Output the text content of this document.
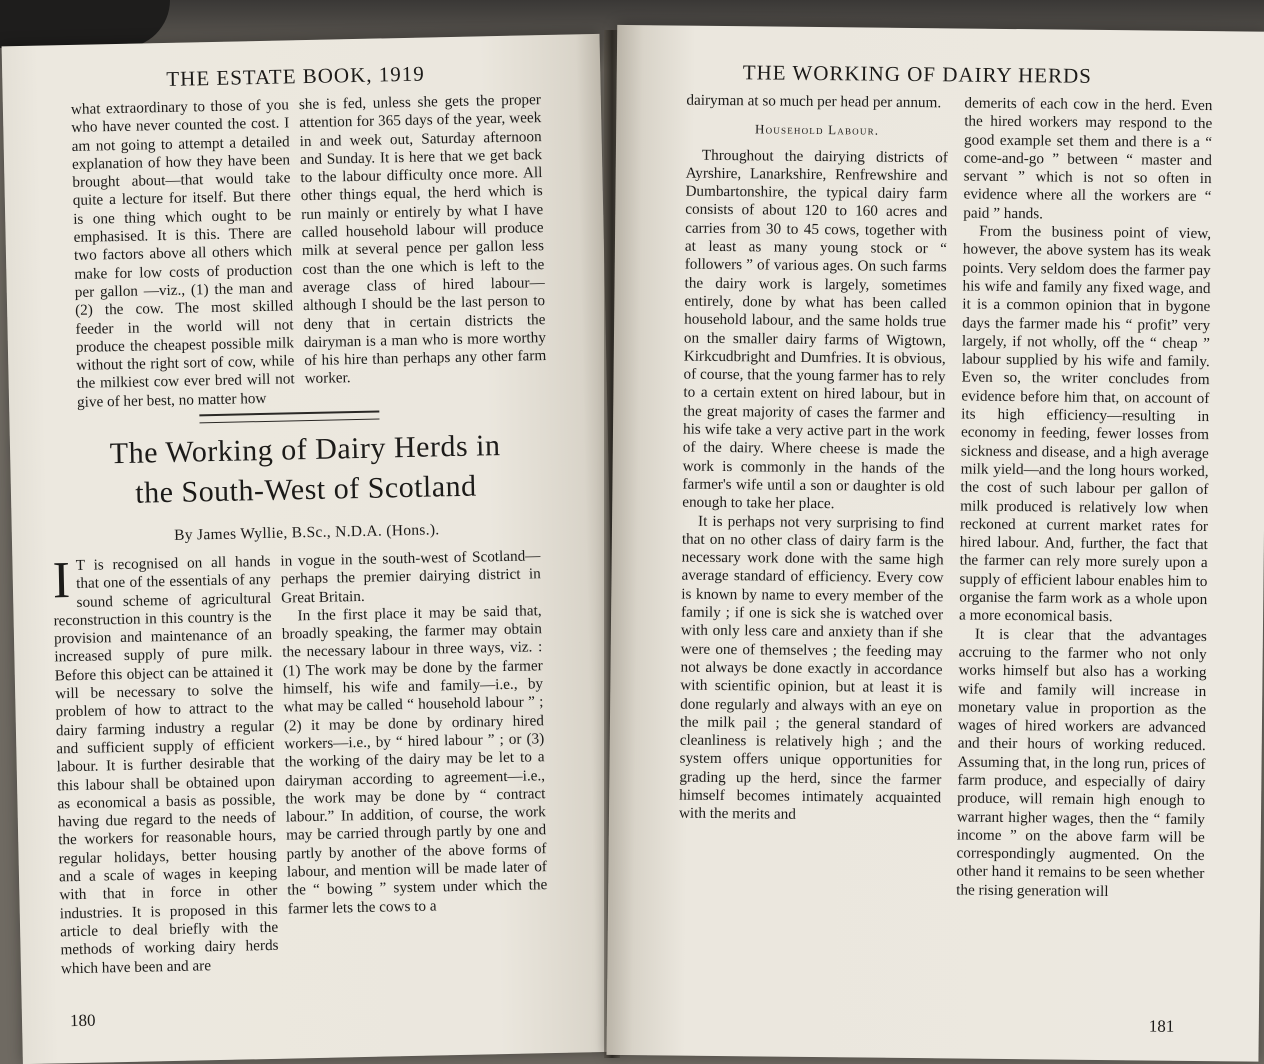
THE ESTATE BOOK, 1919

what extraordinary to those of you who have never counted the cost. I am not going to attempt a detailed explanation of how they have been brought about—that would take quite a lecture for itself. But there is one thing which ought to be emphasised. It is this. There are two factors above all others which make for low costs of production per gallon —viz., (1) the man and (2) the cow. The most skilled feeder in the world will not produce the cheapest possible milk without the right sort of cow, while the milkiest cow ever bred will not give of her best, no matter how

she is fed, unless she gets the proper attention for 365 days of the year, week in and week out, Saturday afternoon and Sunday. It is here that we get back to the labour difficulty once more. All other things equal, the herd which is run mainly or entirely by what I have called household labour will produce milk at several pence per gallon less cost than the one which is left to the average class of hired labour—although I should be the last person to deny that in certain districts the dairyman is a man who is more worthy of his hire than perhaps any other farm worker.

The Working of Dairy Herds in
the South-West of Scotland
By James Wyllie, B.Sc., N.D.A. (Hons.).

I T is recognised on all hands that one of the essentials of any sound scheme of agricultural reconstruction in this country is the provision and maintenance of an increased supply of pure milk. Before this object can be attained it will be necessary to solve the problem of how to attract to the dairy farming industry a regular and sufficient supply of efficient labour. It is further desirable that this labour shall be obtained upon as economical a basis as possible, having due regard to the needs of the workers for reasonable hours, regular holidays, better housing and a scale of wages in keeping with that in force in other industries. It is proposed in this article to deal briefly with the methods of working dairy herds which have been and are

in vogue in the south-west of Scotland—perhaps the premier dairying district in Great Britain.

In the first place it may be said that, broadly speaking, the farmer may obtain the necessary labour in three ways, viz. : (1) The work may be done by the farmer himself, his wife and family—i.e., by what may be called “ household labour ” ; (2) it may be done by ordinary hired workers—i.e., by “ hired labour ” ; or (3) the working of the dairy may be let to a dairyman according to agreement—i.e., the work may be done by “ contract labour.” In addition, of course, the work may be carried through partly by one and partly by another of the above forms of labour, and mention will be made later of the “ bowing ” system under which the farmer lets the cows to a

180
THE WORKING OF DAIRY HERDS

dairyman at so much per head per annum.

Household Labour.

Throughout the dairying districts of Ayrshire, Lanarkshire, Renfrewshire and Dumbartonshire, the typical dairy farm consists of about 120 to 160 acres and carries from 30 to 45 cows, together with at least as many young stock or “ followers ” of various ages. On such farms the dairy work is largely, sometimes entirely, done by what has been called household labour, and the same holds true on the smaller dairy farms of Wigtown, Kirkcudbright and Dumfries. It is obvious, of course, that the young farmer has to rely to a certain extent on hired labour, but in the great majority of cases the farmer and his wife take a very active part in the work of the dairy. Where cheese is made the work is commonly in the hands of the farmer's wife until a son or daughter is old enough to take her place.

It is perhaps not very surprising to find that on no other class of dairy farm is the necessary work done with the same high average standard of efficiency. Every cow is known by name to every member of the family ; if one is sick she is watched over with only less care and anxiety than if she were one of themselves ; the feeding may not always be done exactly in accordance with scientific opinion, but at least it is done regularly and always with an eye on the milk pail ; the general standard of cleanliness is relatively high ; and the system offers unique opportunities for grading up the herd, since the farmer himself becomes intimately acquainted with the merits and

demerits of each cow in the herd. Even the hired workers may respond to the good example set them and there is a “ come-and-go ” between “ master and servant ” which is not so often in evidence where all the workers are “ paid ” hands.

From the business point of view, however, the above system has its weak points. Very seldom does the farmer pay his wife and family any fixed wage, and it is a common opinion that in bygone days the farmer made his “ profit” very largely, if not wholly, off the “ cheap ” labour supplied by his wife and family. Even so, the writer concludes from evidence before him that, on account of its high efficiency—resulting in economy in feeding, fewer losses from sickness and disease, and a high average milk yield—and the long hours worked, the cost of such labour per gallon of milk produced is relatively low when reckoned at current market rates for hired labour. And, further, the fact that the farmer can rely more surely upon a supply of efficient labour enables him to organise the farm work as a whole upon a more economical basis.

It is clear that the advantages accruing to the farmer who not only works himself but also has a working wife and family will increase in monetary value in proportion as the wages of hired workers are advanced and their hours of working reduced. Assuming that, in the long run, prices of farm produce, and especially of dairy produce, will remain high enough to warrant higher wages, then the “ family income ” on the above farm will be correspondingly augmented. On the other hand it remains to be seen whether the rising generation will

181
